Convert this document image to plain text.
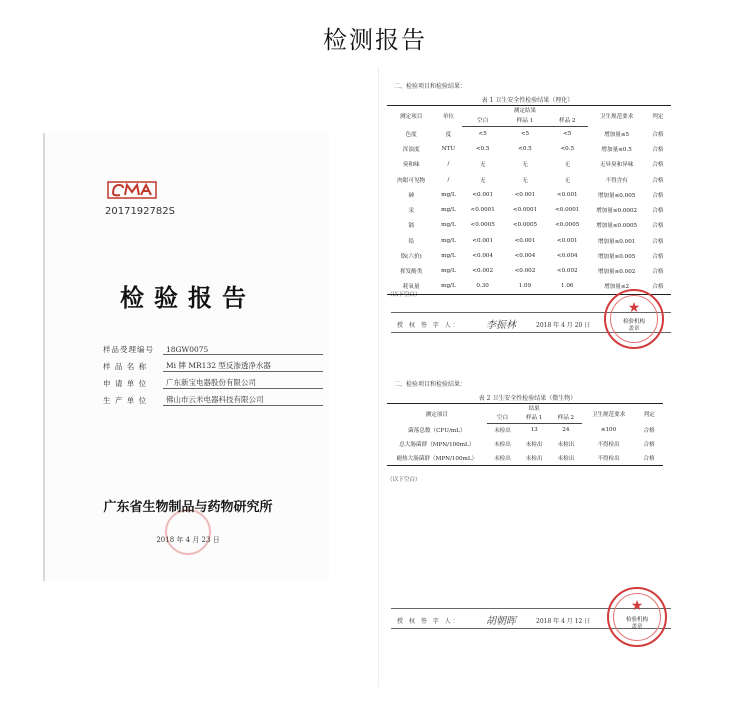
检测报告
2017192782S
检验报告
样品受理编号	18GW0075
样 品 名 称	Mi 牌 MR132 型反渗透净水器
申 请 单 位	广东新宝电器股份有限公司
生 产 单 位	佛山市云米电器科技有限公司
广东省生物制品与药物研究所
2018 年 4 月 23 日
二、检验项目和检验结果：
表 1 卫生安全性检验结果（理化）
测定项目	单位	测定结果			卫生规范要求	判定
		空白	样品 1	样品 2		
色度	度	<5	<5	<5	增加量≤5	合格
浑浊度	NTU	<0.5	<0.5	<0.5	增加量≤0.5	合格
臭和味	/	无	无	无	无异臭和异味	合格
肉眼可见物	/	无	无	无	不得含有	合格
砷	mg/L	<0.001	<0.001	<0.001	增加量≤0.005	合格
汞	mg/L	<0.0001	<0.0001	<0.0001	增加量≤0.0002	合格
镉	mg/L	<0.0005	<0.0005	<0.0005	增加量≤0.0005	合格
铅	mg/L	<0.001	<0.001	<0.001	增加量≤0.001	合格
铬(六价)	mg/L	<0.004	<0.004	<0.004	增加量≤0.005	合格
挥发酚类	mg/L	<0.002	<0.002	<0.002	增加量≤0.002	合格
耗氧量	mg/L	0.30	1.09	1.06	增加量≤2	合格
（以下空白）
授 权 签 字 人：	李振林	2018 年 4 月 20 日
★
检验机构
盖章
二、检验项目和检验结果：
表 2 卫生安全性检验结果（微生物）
测定项目	结果			卫生规范要求	判定
	空白	样品 1	样品 2		
菌落总数（CFU/mL）	未检出	13	24	≤100	合格
总大肠菌群（MPN/100mL）	未检出	未检出	未检出	不得检出	合格
耐热大肠菌群（MPN/100mL）	未检出	未检出	未检出	不得检出	合格
（以下空白）
授 权 签 字 人：	胡朝晖	2018 年 4 月 12 日
★
检验机构
盖章
